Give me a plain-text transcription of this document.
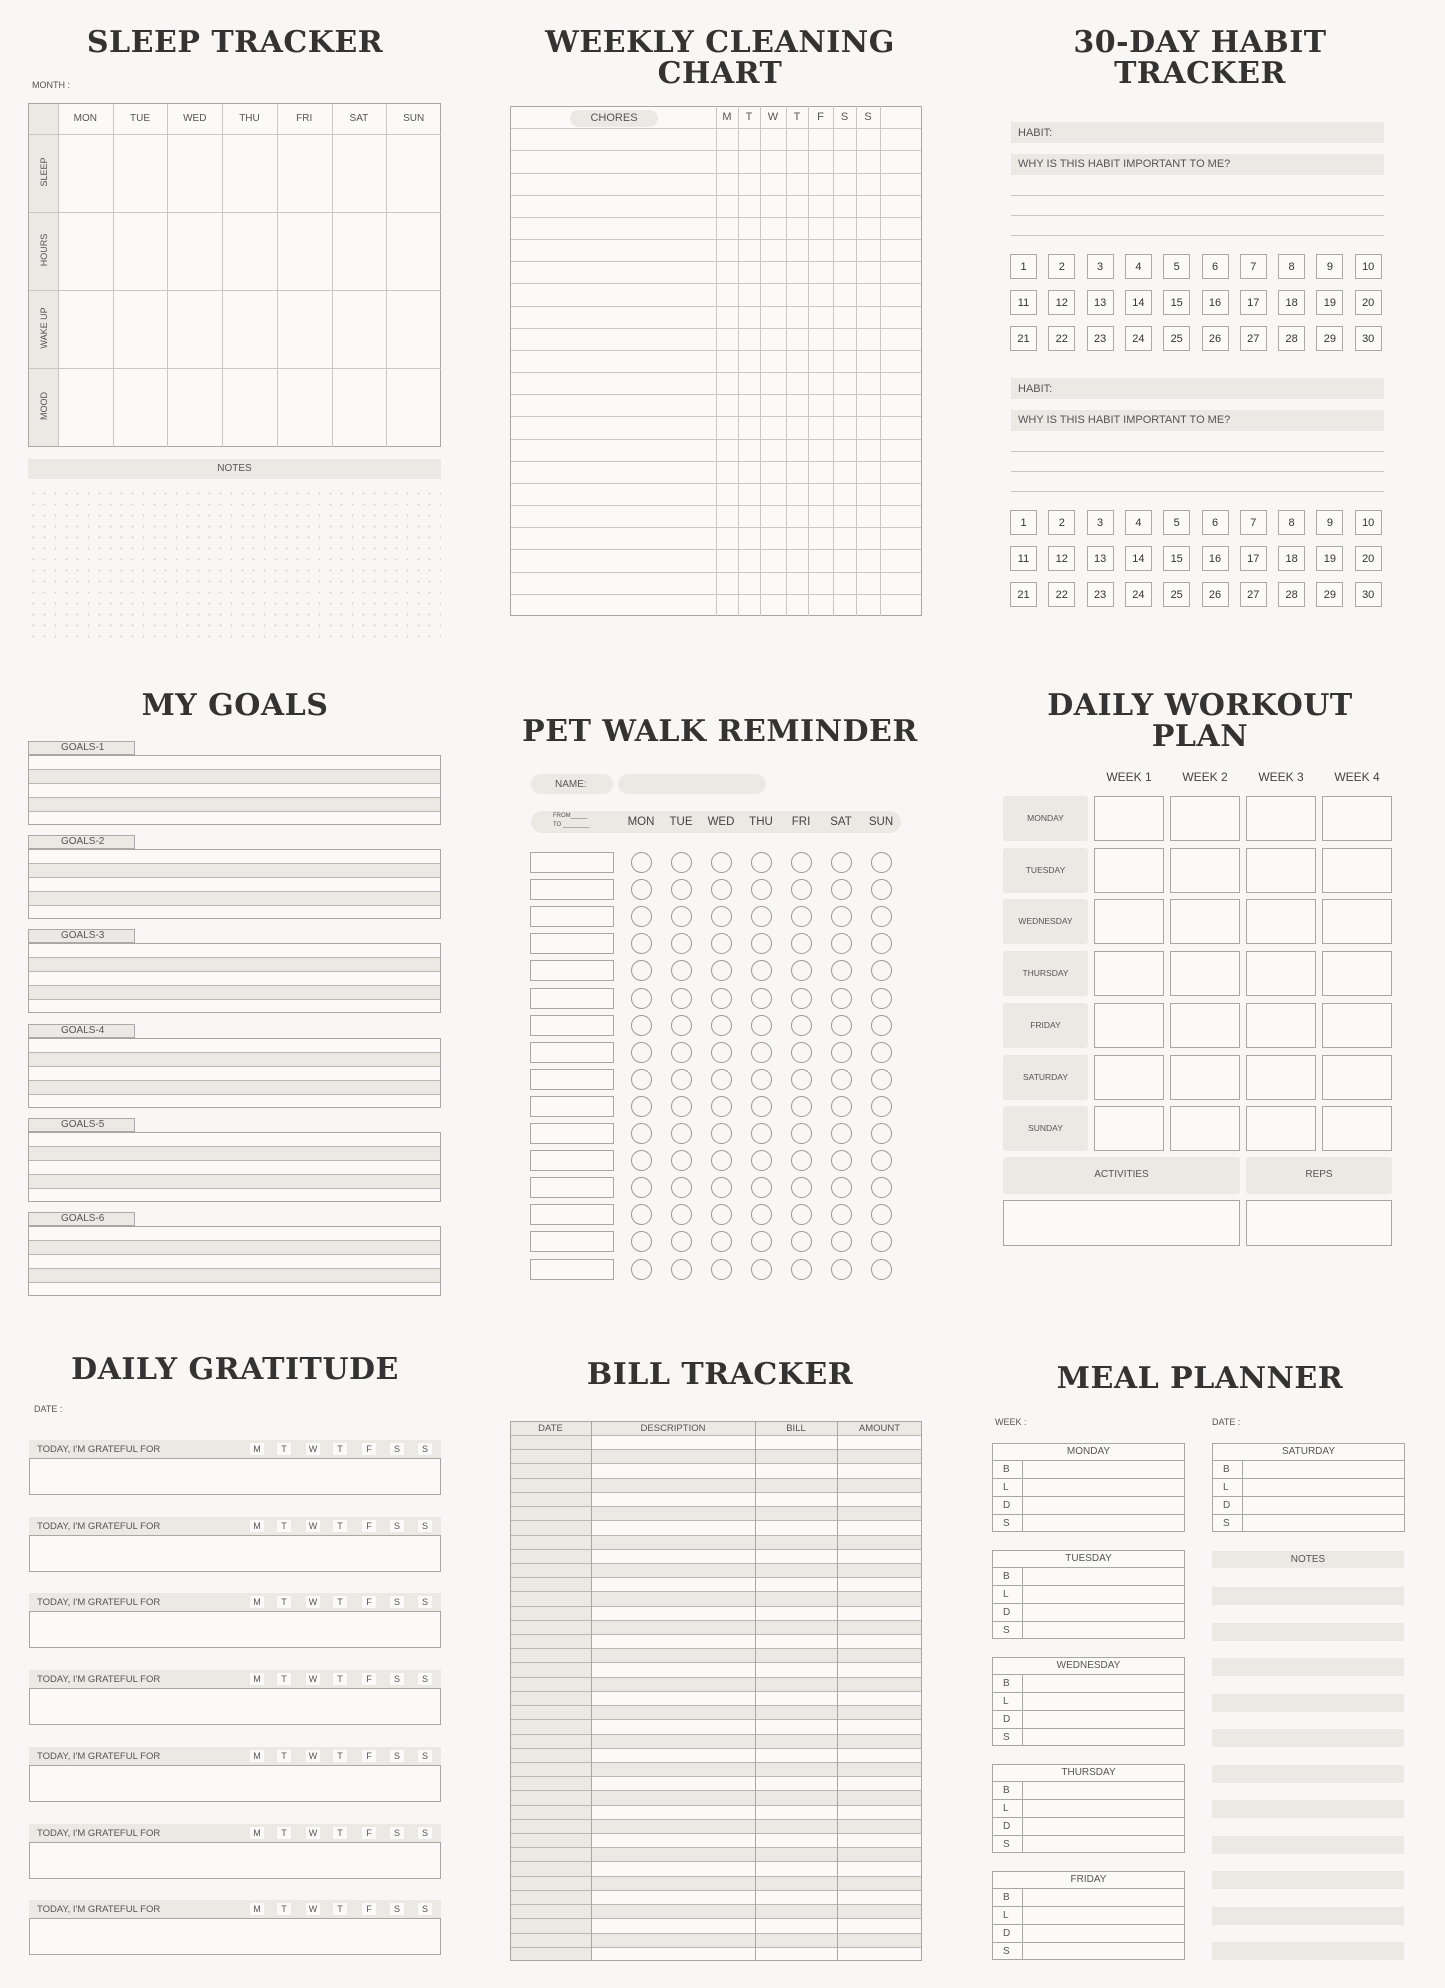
SLEEP TRACKER
MONTH :
MON	TUE	WED	THU	FRI	SAT	SUN
SLEEP
HOURS
WAKE UP
MOOD
NOTES
WEEKLY CLEANING
CHART
CHORES	M	T	W	T	F	S	S
30-DAY HABIT
TRACKER
HABIT:
WHY IS THIS HABIT IMPORTANT TO ME?
1	2	3	4	5	6	7	8	9	10
11	12	13	14	15	16	17	18	19	20
21	22	23	24	25	26	27	28	29	30
HABIT:
WHY IS THIS HABIT IMPORTANT TO ME?
1	2	3	4	5	6	7	8	9	10
11	12	13	14	15	16	17	18	19	20
21	22	23	24	25	26	27	28	29	30
MY GOALS
GOALS-1
GOALS-2
GOALS-3
GOALS-4
GOALS-5
GOALS-6
PET WALK REMINDER
NAME:
FROM_____
TO ________	MON	TUE	WED	THU	FRI	SAT	SUN
DAILY WORKOUT PLAN
WEEK 1	WEEK 2	WEEK 3	WEEK 4
MONDAY
TUESDAY
WEDNESDAY
THURSDAY
FRIDAY
SATURDAY
SUNDAY
ACTIVITIES	REPS
DAILY GRATITUDE
DATE :
TODAY, I'M GRATEFUL FOR	M	T	W	T	F	S	S
TODAY, I'M GRATEFUL FOR	M	T	W	T	F	S	S
TODAY, I'M GRATEFUL FOR	M	T	W	T	F	S	S
TODAY, I'M GRATEFUL FOR	M	T	W	T	F	S	S
TODAY, I'M GRATEFUL FOR	M	T	W	T	F	S	S
TODAY, I'M GRATEFUL FOR	M	T	W	T	F	S	S
TODAY, I'M GRATEFUL FOR	M	T	W	T	F	S	S
BILL TRACKER
DATE	DESCRIPTION	BILL	AMOUNT
MEAL PLANNER
WEEK :	DATE :
MONDAY
B
L
D
S
TUESDAY
B
L
D
S
WEDNESDAY
B
L
D
S
THURSDAY
B
L
D
S
FRIDAY
B
L
D
S
SATURDAY
B
L
D
S
NOTES
